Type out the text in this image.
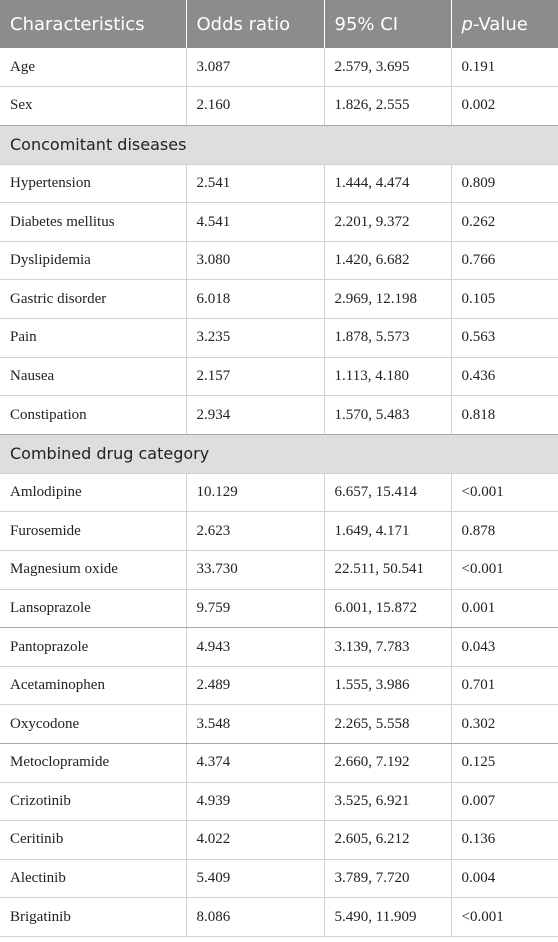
Characteristics	Odds ratio	95% CI	p-Value
Age	3.087	2.579, 3.695	0.191
Sex	2.160	1.826, 2.555	0.002
Concomitant diseases			
Hypertension	2.541	1.444, 4.474	0.809
Diabetes mellitus	4.541	2.201, 9.372	0.262
Dyslipidemia	3.080	1.420, 6.682	0.766
Gastric disorder	6.018	2.969, 12.198	0.105
Pain	3.235	1.878, 5.573	0.563
Nausea	2.157	1.113, 4.180	0.436
Constipation	2.934	1.570, 5.483	0.818
Combined drug category			
Amlodipine	10.129	6.657, 15.414	<0.001
Furosemide	2.623	1.649, 4.171	0.878
Magnesium oxide	33.730	22.511, 50.541	<0.001
Lansoprazole	9.759	6.001, 15.872	0.001
Pantoprazole	4.943	3.139, 7.783	0.043
Acetaminophen	2.489	1.555, 3.986	0.701
Oxycodone	3.548	2.265, 5.558	0.302
Metoclopramide	4.374	2.660, 7.192	0.125
Crizotinib	4.939	3.525, 6.921	0.007
Ceritinib	4.022	2.605, 6.212	0.136
Alectinib	5.409	3.789, 7.720	0.004
Brigatinib	8.086	5.490, 11.909	<0.001
